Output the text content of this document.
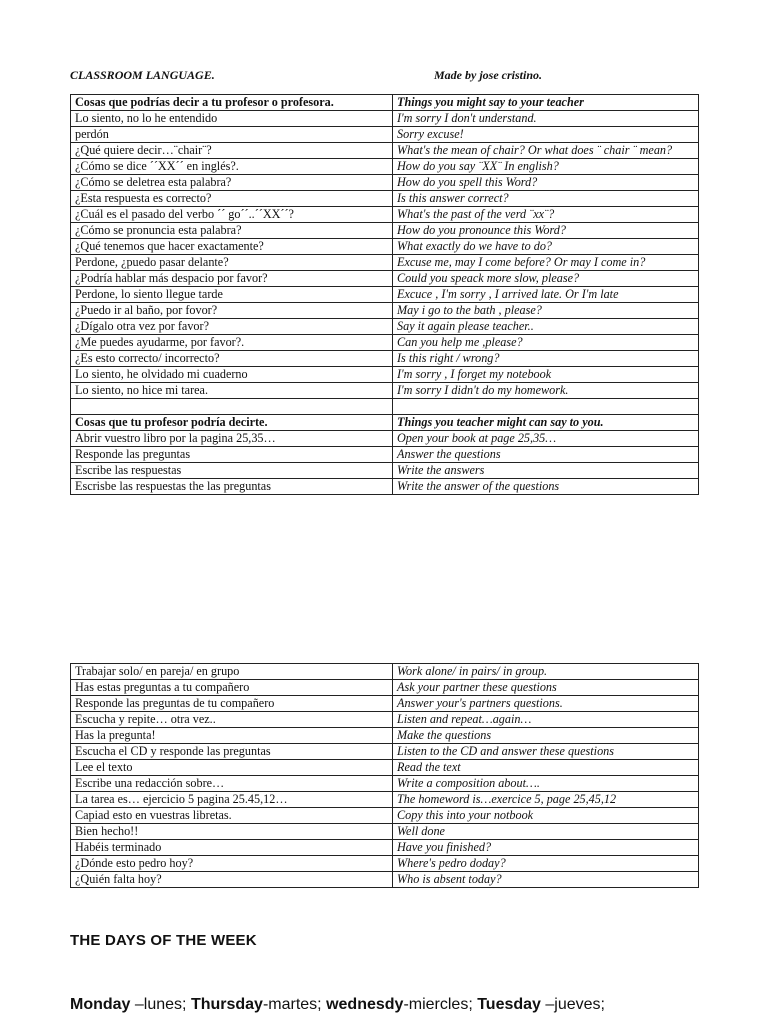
CLASSROOM LANGUAGE.	Made by jose cristino.
Cosas que podrías decir a tu profesor o profesora.	Things you might say to your teacher
Lo siento, no lo he entendido	I'm sorry I don't understand.
perdón	Sorry excuse!
¿Qué quiere decir…¨chair¨?	What's the mean of chair? Or what does ¨ chair ¨ mean?
¿Cómo se dice ´´XX´´ en inglés?.	How do you say ¨XX¨ In english?
¿Cómo se deletrea esta palabra?	How do you spell this Word?
¿Esta respuesta es correcto?	Is this answer correct?
¿Cuál es el pasado del verbo ´´ go´´..´´XX´´?	What's the past of the verd ¨xx¨?
¿Cómo se pronuncia esta palabra?	How do you pronounce this Word?
¿Qué tenemos que hacer exactamente?	What exactly do we have to do?
Perdone, ¿puedo pasar delante?	Excuse me, may I come before? Or may I come in?
¿Podría hablar más despacio por favor?	Could you speack more slow, please?
Perdone, lo siento llegue tarde	Excuce , I'm sorry , I arrived late. Or I'm late
¿Puedo ir al baño, por fovor?	May i go to the bath , please?
¿Dígalo otra vez por favor?	Say it again please teacher..
¿Me puedes ayudarme, por favor?.	Can you help me ,please?
¿Es esto correcto/ incorrecto?	Is this right / wrong?
Lo siento, he olvidado mi cuaderno	I'm sorry , I forget my notebook
Lo siento, no hice mi tarea.	I'm sorry I didn't do my homework.

Cosas que tu profesor podría decirte.	Things you teacher might can say to you.
Abrir vuestro libro por la pagina 25,35…	Open your book at page 25,35…
Responde las preguntas	Answer the questions
Escribe las respuestas	Write the answers
Escrisbe las respuestas the las preguntas	Write the answer of the questions
Trabajar solo/ en pareja/ en grupo	Work alone/ in pairs/ in group.
Has estas preguntas a tu compañero	Ask your partner these questions
Responde las preguntas de tu compañero	Answer your's partners questions.
Escucha y repite… otra vez..	Listen and repeat…again…
Has la pregunta!	Make the questions
Escucha el CD y responde las preguntas	Listen to the CD and answer these questions
Lee el texto	Read the text
Escribe una redacción sobre…	Write a composition about….
La tarea es… ejercicio 5 pagina 25.45,12…	The homeword is…exercice 5, page 25,45,12
Capiad esto en vuestras libretas.	Copy this into your notbook
Bien hecho!!	Well done
Habéis terminado	Have you finished?
¿Dónde esto pedro hoy?	Where's pedro doday?
¿Quién falta hoy?	Who is absent today?
THE DAYS OF THE WEEK
Monday –lunes; Thursday-martes; wednesdy-miercles; Tuesday –jueves;
